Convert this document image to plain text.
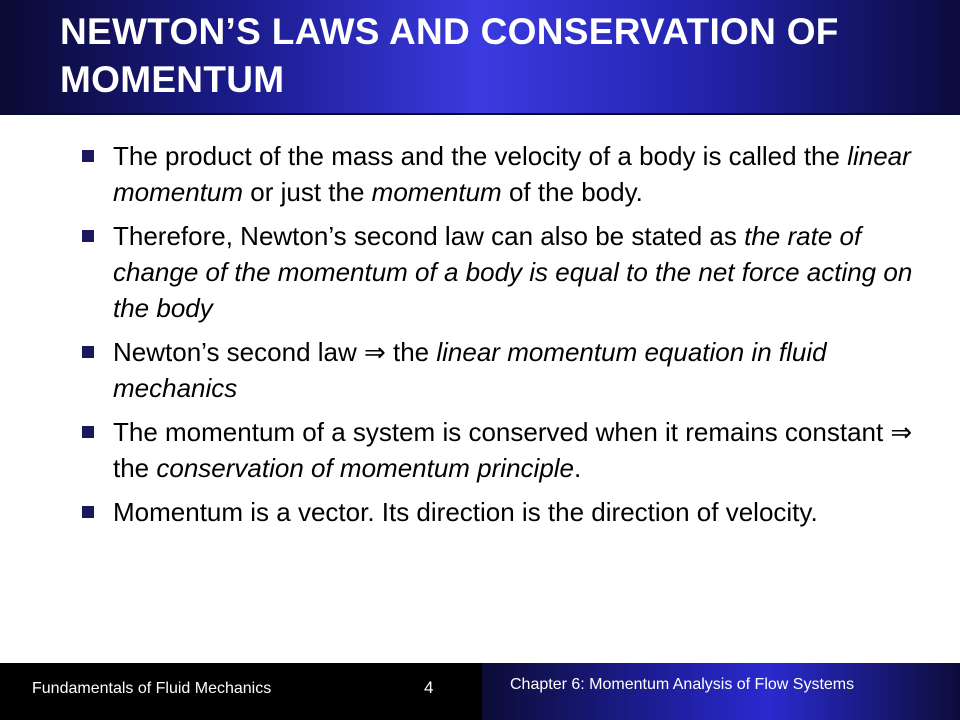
NEWTON’S LAWS AND CONSERVATION OF MOMENTUM
The product of the mass and the velocity of a body is called the linear momentum or just the momentum of the body.
Therefore, Newton’s second law can also be stated as the rate of change of the momentum of a body is equal to the net force acting on the body
Newton’s second law ⇒ the linear momentum equation in fluid mechanics
The momentum of a system is conserved when it remains constant ⇒ the conservation of momentum principle.
Momentum is a vector. Its direction is the direction of velocity.
Fundamentals of Fluid Mechanics	4	Chapter 6: Momentum Analysis of Flow Systems
